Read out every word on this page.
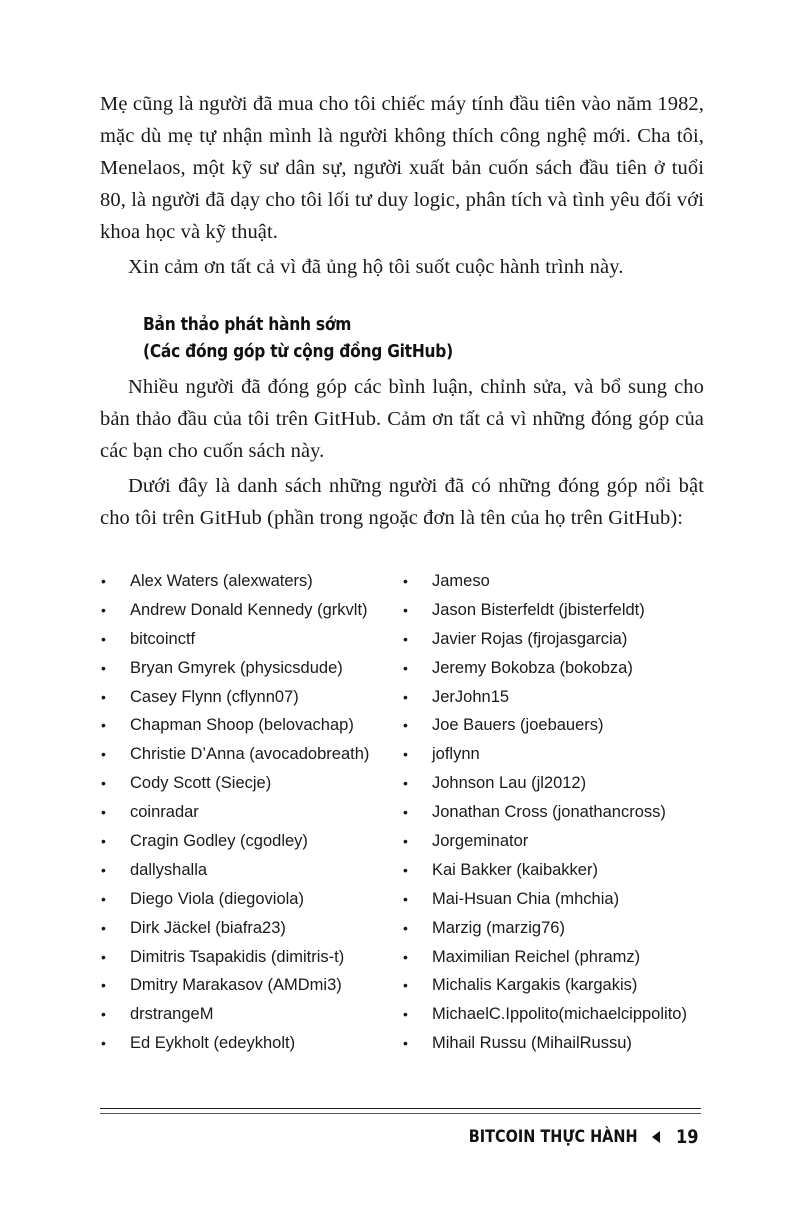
Mẹ cũng là người đã mua cho tôi chiếc máy tính đầu tiên vào năm 1982, mặc dù mẹ tự nhận mình là người không thích công nghệ mới. Cha tôi, Menelaos, một kỹ sư dân sự, người xuất bản cuốn sách đầu tiên ở tuổi 80, là người đã dạy cho tôi lối tư duy logic, phân tích và tình yêu đối với khoa học và kỹ thuật.

Xin cảm ơn tất cả vì đã ủng hộ tôi suốt cuộc hành trình này.

Bản thảo phát hành sớm
(Các đóng góp từ cộng đồng GitHub)

Nhiều người đã đóng góp các bình luận, chỉnh sửa, và bổ sung cho bản thảo đầu của tôi trên GitHub. Cảm ơn tất cả vì những đóng góp của các bạn cho cuốn sách này.

Dưới đây là danh sách những người đã có những đóng góp nổi bật cho tôi trên GitHub (phần trong ngoặc đơn là tên của họ trên GitHub):

•	Alex Waters (alexwaters)
•	Andrew Donald Kennedy (grkvlt)
•	bitcoinctf
•	Bryan Gmyrek (physicsdude)
•	Casey Flynn (cflynn07)
•	Chapman Shoop (belovachap)
•	Christie D’Anna (avocadobreath)
•	Cody Scott (Siecje)
•	coinradar
•	Cragin Godley (cgodley)
•	dallyshalla
•	Diego Viola (diegoviola)
•	Dirk Jäckel (biafra23)
•	Dimitris Tsapakidis (dimitris-t)
•	Dmitry Marakasov (AMDmi3)
•	drstrangeM
•	Ed Eykholt (edeykholt)
•	Jameso
•	Jason Bisterfeldt (jbisterfeldt)
•	Javier Rojas (fjrojasgarcia)
•	Jeremy Bokobza (bokobza)
•	JerJohn15
•	Joe Bauers (joebauers)
•	joflynn
•	Johnson Lau (jl2012)
•	Jonathan Cross (jonathancross)
•	Jorgeminator
•	Kai Bakker (kaibakker)
•	Mai-Hsuan Chia (mhchia)
•	Marzig (marzig76)
•	Maximilian Reichel (phramz)
•	Michalis Kargakis (kargakis)
•	MichaelC.Ippolito(michaelcippolito)
•	Mihail Russu (MihailRussu)
BITCOIN THỰC HÀNH 19
